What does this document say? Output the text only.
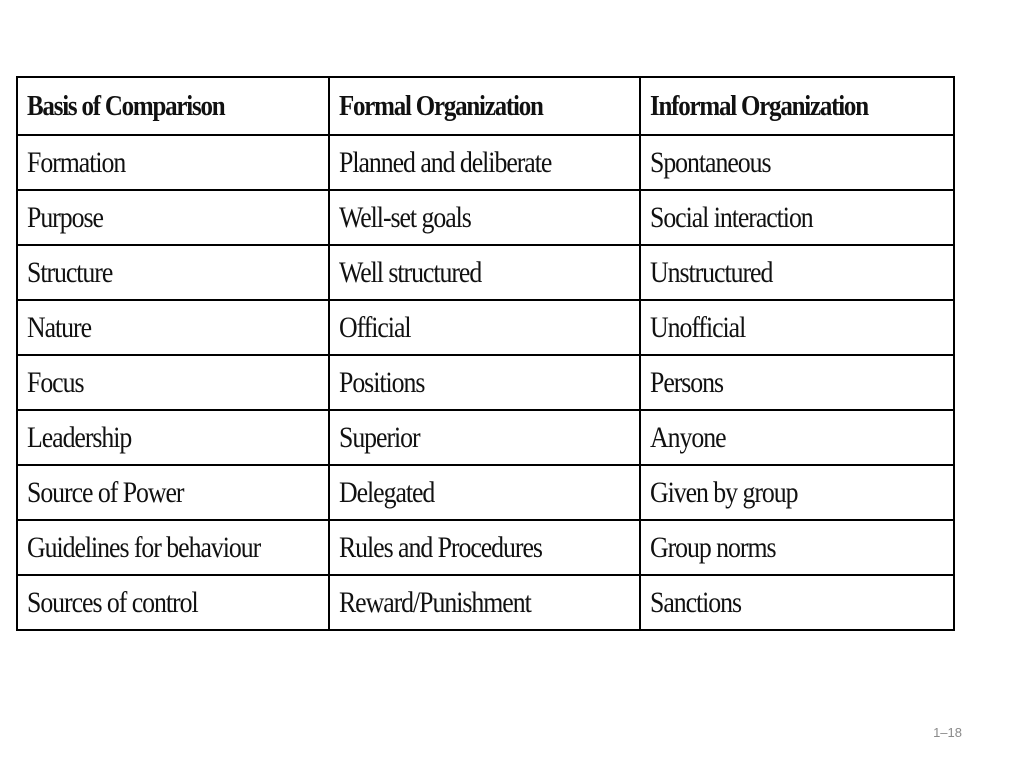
Basis of Comparison	Formal Organization	Informal Organization
Formation	Planned and deliberate	Spontaneous
Purpose	Well-set goals	Social interaction
Structure	Well structured	Unstructured
Nature	Official	Unofficial
Focus	Positions	Persons
Leadership	Superior	Anyone
Source of Power	Delegated	Given by group
Guidelines for behaviour	Rules and Procedures	Group norms
Sources of control	Reward/Punishment	Sanctions
1–18
